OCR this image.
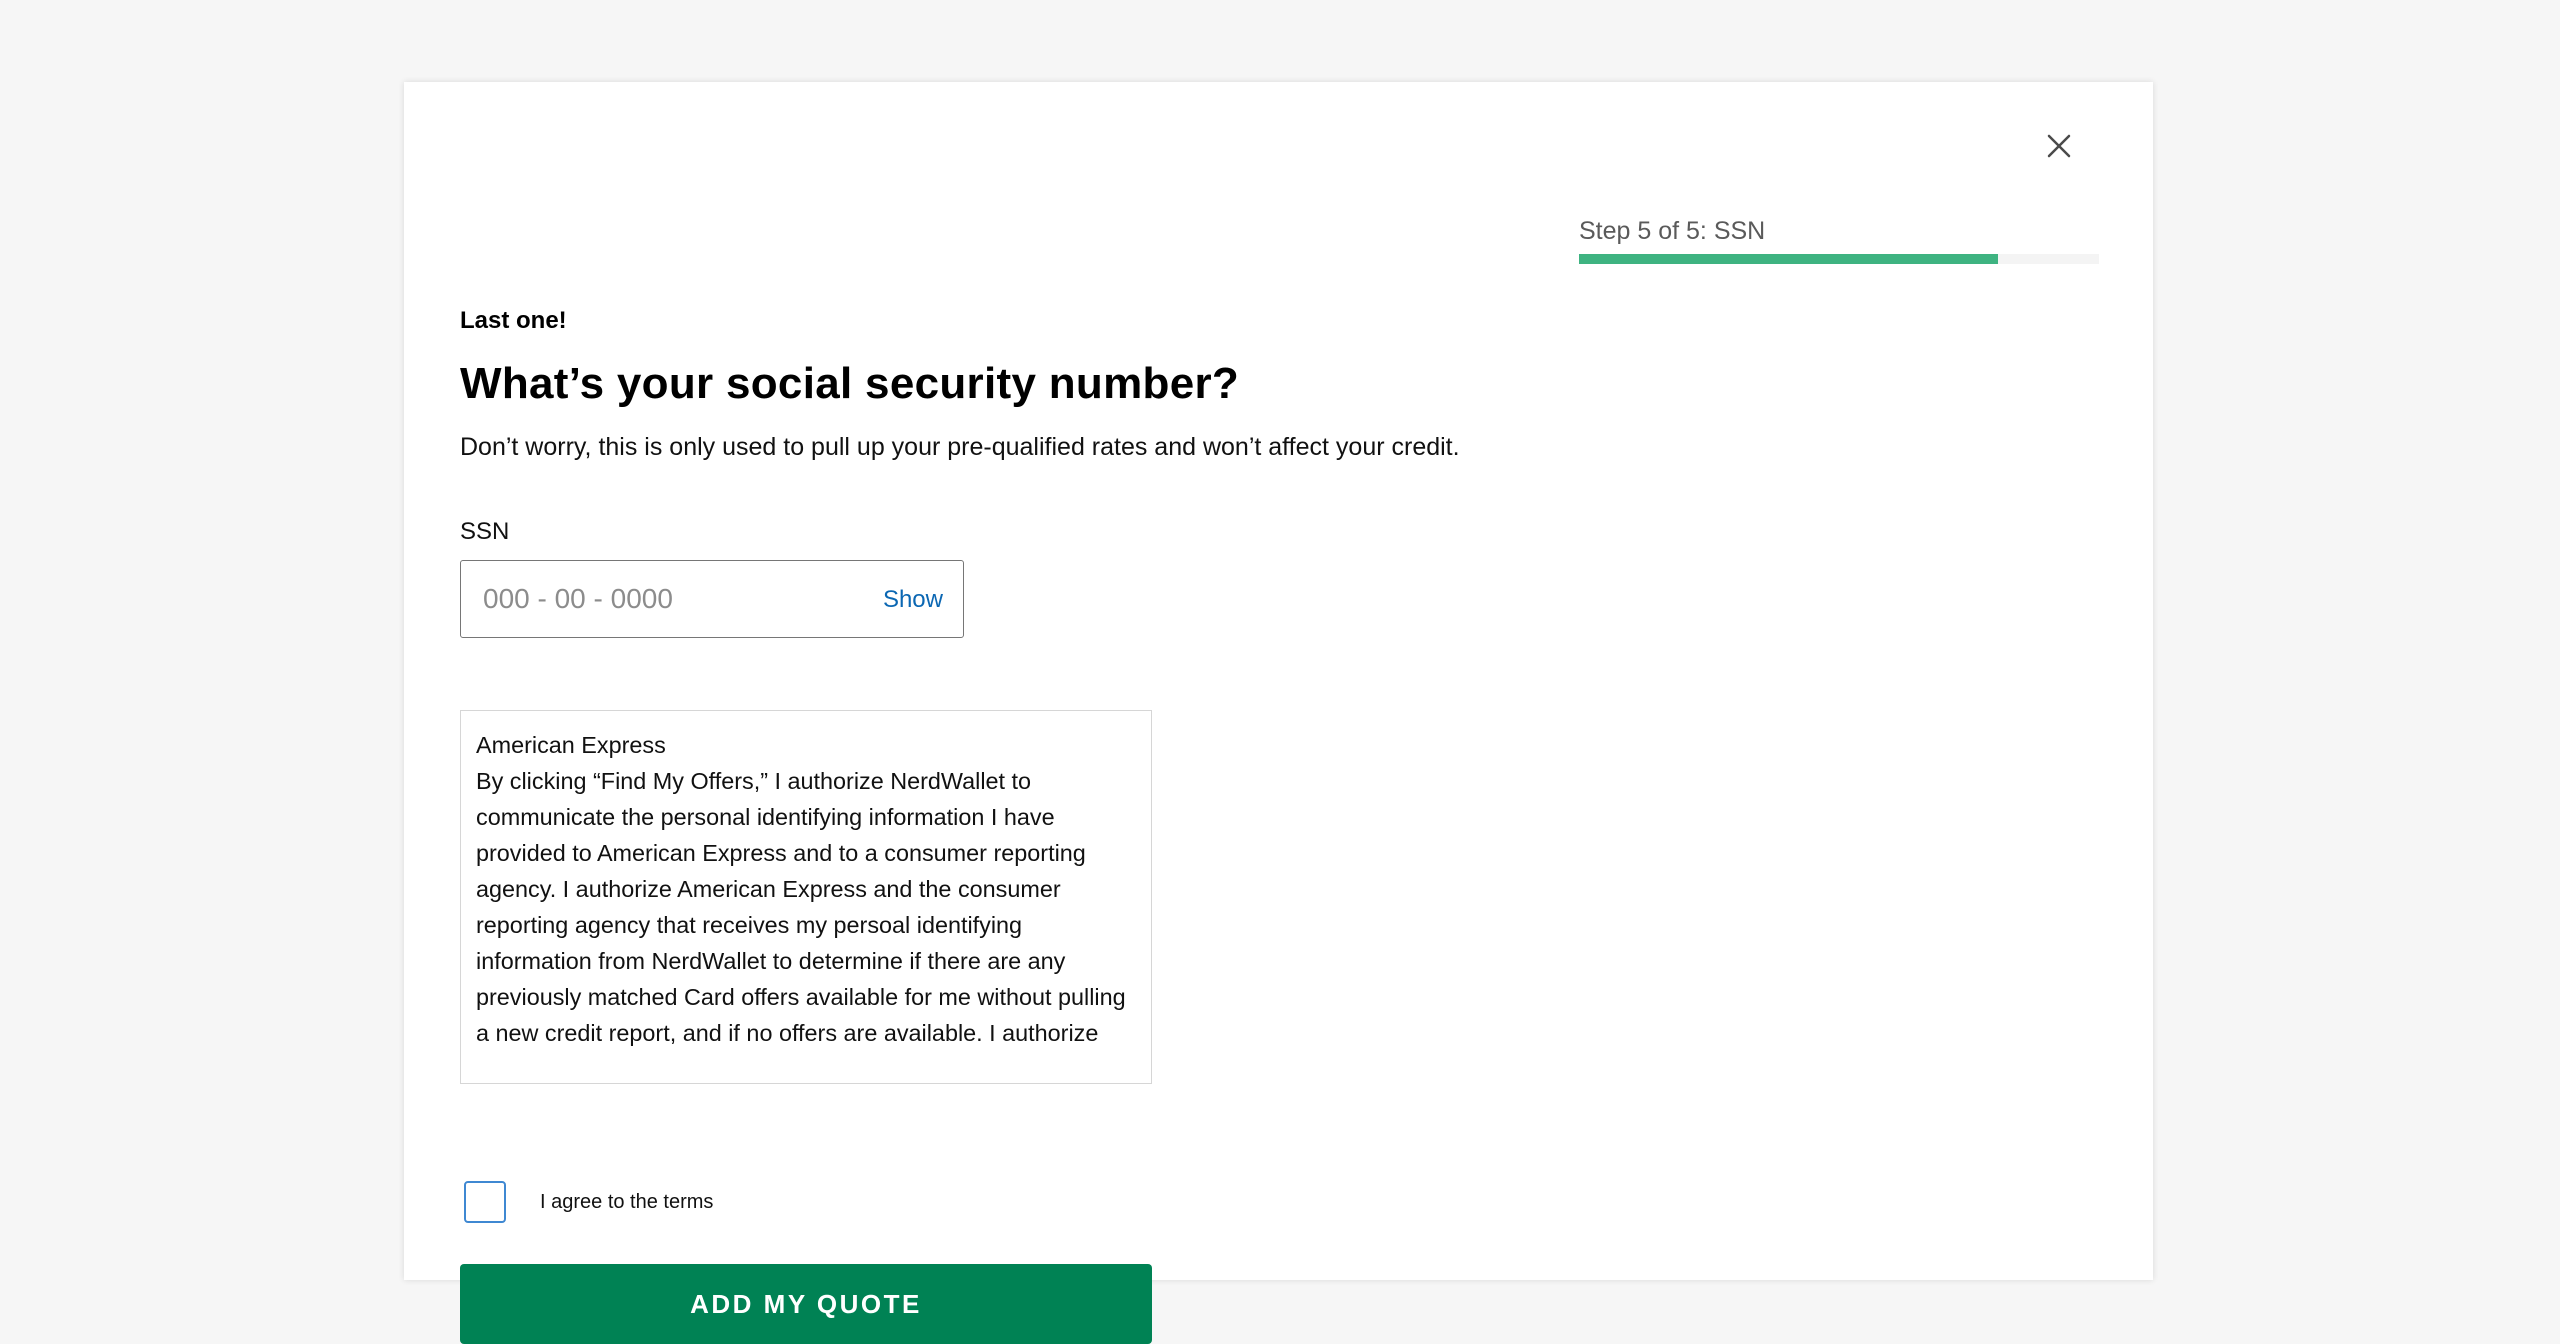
Step 5 of 5: SSN
Last one!
What’s your social security number?
Don’t worry, this is only used to pull up your pre-qualified rates and won’t affect your credit.
SSN
Show

American Express

By clicking “Find My Offers,” I authorize NerdWallet to communicate the personal identifying information I have provided to American Express and to a consumer reporting agency. I authorize American Express and the consumer reporting agency that receives my persoal identifying information from NerdWallet to determine if there are any previously matched Card offers available for me without pulling a new credit report, and if no offers are available. I authorize

I agree to the terms
ADD MY QUOTE
